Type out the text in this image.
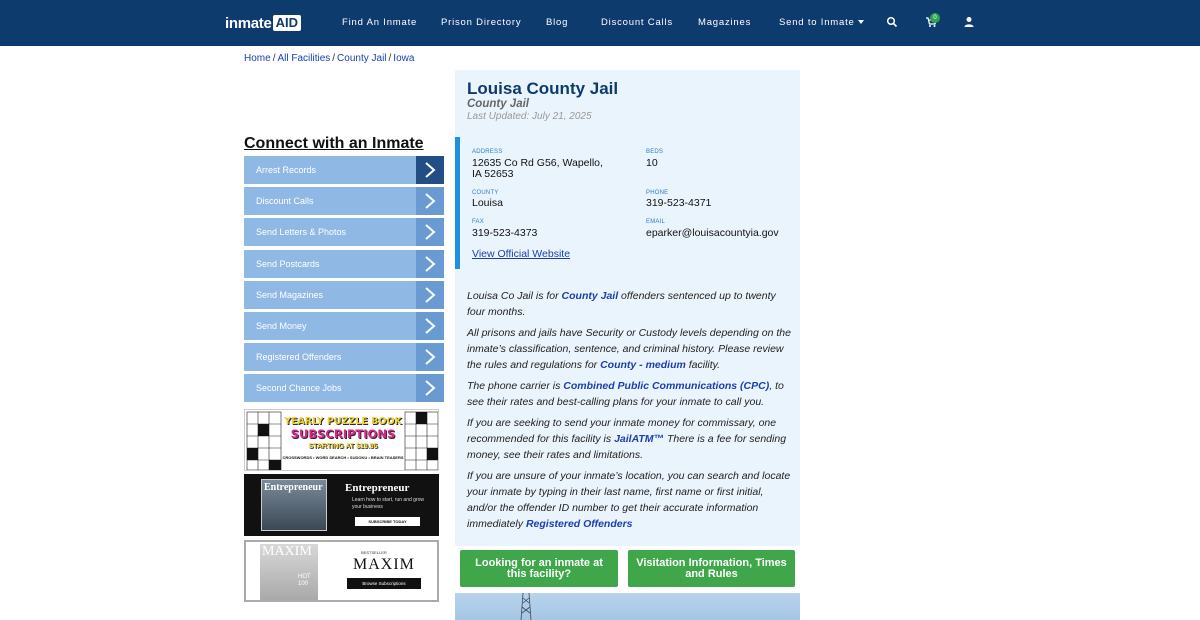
inmate AID	Find An Inmate	Prison Directory	Blog	Discount Calls	Magazines	Send to Inmate	0
Home / All Facilities / County Jail / Iowa
Connect with an Inmate
Arrest Records
Discount Calls
Send Letters & Photos
Send Postcards
Send Magazines
Send Money
Registered Offenders
Second Chance Jobs
YEARLY PUZZLE BOOK
SUBSCRIPTIONS
STARTING AT $19.95
CROSSWORDS • WORD SEARCH • SUDOKU • BRAIN TEASERS
Entrepreneur	Entrepreneur
Learn how to start, run and grow your business
SUBSCRIBE TODAY
MAXIM
HOT 100
BESTSELLER
MAXIM
Browse Subscriptions
Louisa County Jail
County Jail
Last Updated: July 21, 2025
ADDRESS
12635 Co Rd G56, Wapello,
IA 52653
BEDS
10
COUNTY
Louisa
PHONE
319-523-4371
FAX
319-523-4373
EMAIL
eparker@louisacountyia.gov
View Official Website
Louisa Co Jail is for County Jail offenders sentenced up to twenty four months.
All prisons and jails have Security or Custody levels depending on the inmate’s classification, sentence, and criminal history. Please review the rules and regulations for County - medium facility.
The phone carrier is Combined Public Communications (CPC), to see their rates and best-calling plans for your inmate to call you.
If you are seeking to send your inmate money for commissary, one recommended for this facility is JailATM™ There is a fee for sending money, see their rates and limitations.
If you are unsure of your inmate’s location, you can search and locate your inmate by typing in their last name, first name or first initial, and/or the offender ID number to get their accurate information immediately Registered Offenders
Looking for an inmate at this facility?
Visitation Information, Times and Rules
